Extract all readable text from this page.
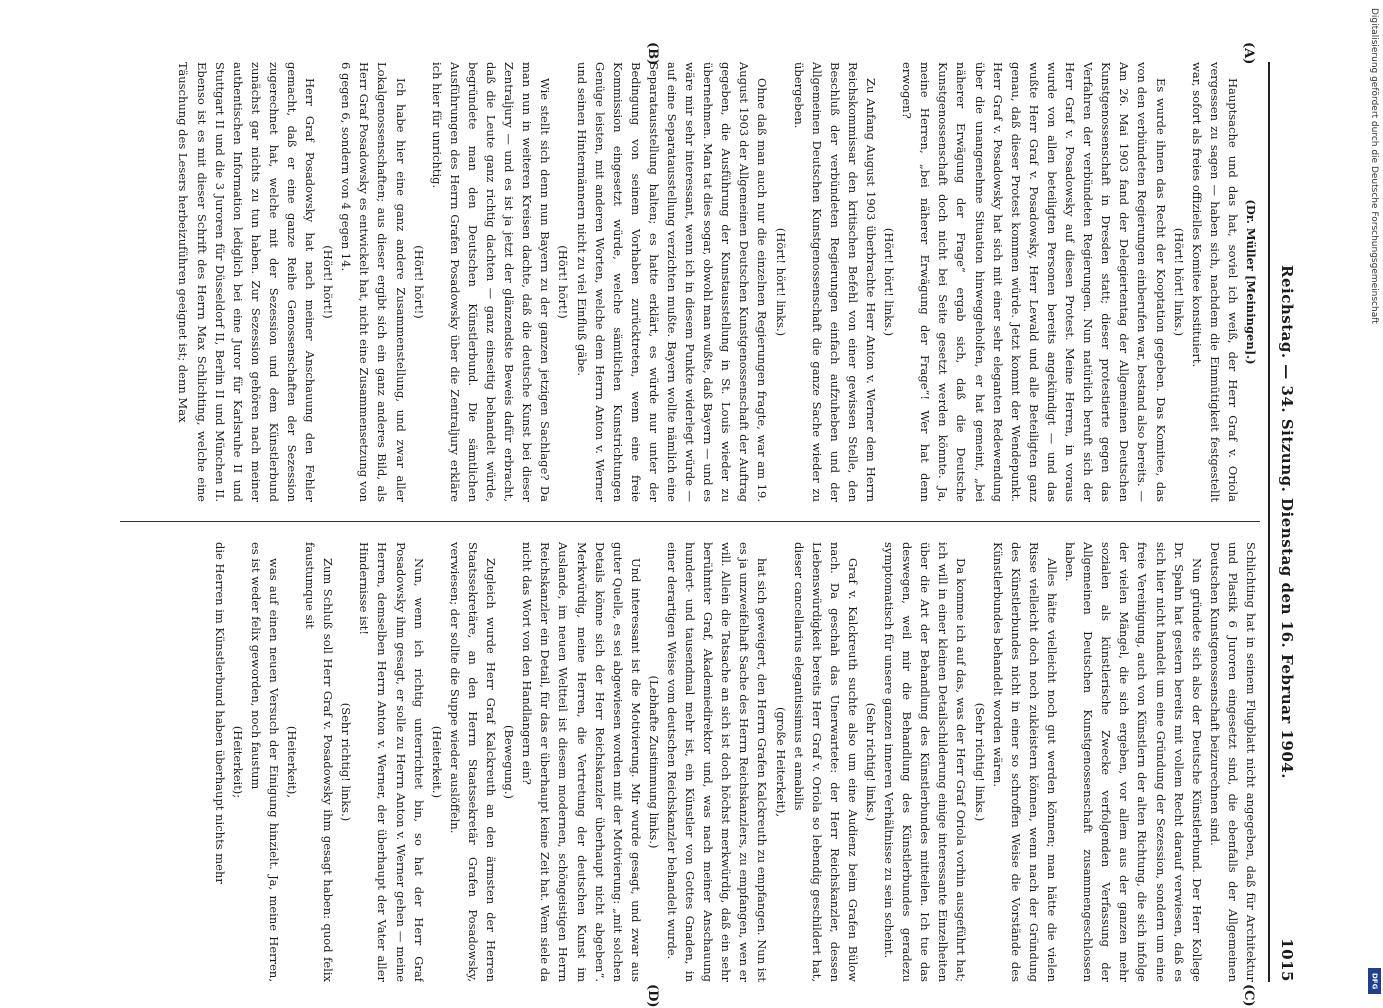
Reichstag. — 34. Sitzung. Dienstag den 16. Februar 1904.
1015
(A)
(B)
(C)
(D)

(Dr. Müller [Meiningen].)

Hauptsache und das hat, soviel ich weiß, der Herr Graf v. Oriola vergessen zu sagen — haben sich, nachdem die Einmütigkeit festgestellt war, sofort als freies offizielles Komitee konstituiert.

(Hört! hört! links.)

Es wurde ihnen das Recht der Kooptation gegeben. Das Komitee, das von den verbündeten Regierungen einberufen war, bestand also bereits. — Am 26. Mai 1903 fand der Delegiertentag der Allgemeinen Deutschen Kunstgenossenschaft in Dresden statt; dieser protestierte gegen das Verfahren der verbündeten Regierungen. Nun natürlich beruft sich der Herr Graf v. Posadowsky auf diesen Protest. Meine Herren, in voraus wurde von allen beteiligten Personen bereits angekündigt — und das wußte Herr Graf v. Posadowsky, Herr Lewald und alle Beteiligten ganz genau, daß dieser Protest kommen würde. Jetzt kommt der Wendepunkt. Herr Graf v. Posadowsky hat sich mit einer sehr eleganten Redewendung über die unangenehme Situation hinweggeholfen, er hat gemeint, „bei näherer Erwägung der Frage“ ergab sich, daß die Deutsche Kunstgenossenschaft doch nicht bei Seite gesetzt werden könnte. Ja, meine Herren, „bei näherer Erwägung der Frage“! Wer hat denn erwogen?

(Hört! hört! links.)

Zu Anfang August 1903 überbrachte Herr Anton v. Werner dem Herrn Reichskommissar den kritischen Befehl von einer gewissen Stelle, den Beschluß der verbündeten Regierungen einfach aufzuheben und der Allgemeinen Deutschen Kunstgenossenschaft die ganze Sache wieder zu übergeben.

(Hört! hört! links.)

Ohne daß man auch nur die einzelnen Regierungen fragte, war am 19. August 1903 der Allgemeinen Deutschen Kunstgenossenschaft der Auftrag gegeben, die Ausführung der Kunstausstellung in St. Louis wieder zu übernehmen. Man tat dies sogar, obwohl man wußte, daß Bayern — und es wäre mir sehr interessant, wenn ich in diesem Punkte widerlegt würde — auf eine Separatausstellung verzichten mußte. Bayern wollte nämlich eine Separatausstellung halten; es hatte erklärt, es würde nur unter der Bedingung von seinem Vorhaben zurücktreten, wenn eine freie Kommission eingesetzt würde, welche sämtlichen Kunstrichtungen Genüge leisten, mit anderen Worten, welche dem Herrn Anton v. Werner und seinen Hintermännern nicht zu viel Einfluß gäbe.

(Hört! hört!)

Wie stellt sich denn nun Bayern zu der ganzen jetzigen Sachlage? Da man nun in weiteren Kreisen dachte, daß die deutsche Kunst bei dieser Zentraljury — und es ist ja jetzt der glänzendste Beweis dafür erbracht, daß die Leute ganz richtig dachten — ganz einseitig behandelt würde, begründete man den Deutschen Künstlerbund. Die sämtlichen Ausführungen des Herrn Grafen Posadowsky über die Zentraljury erkläre ich hier für unrichtig.

(Hört! hört!)

Ich habe hier eine ganz andere Zusammenstellung, und zwar aller Lokalgenossenschaften; aus dieser ergibt sich ein ganz anderes Bild, als Herr Graf Posadowsky es entwickelt hat, nicht eine Zusammensetzung von 6 gegen 6, sondern von 4 gegen 14.

(Hört! hört!)

Herr Graf Posadowsky hat nach meiner Anschauung den Fehler gemacht, daß er eine ganze Reihe Genossenschaften der Sezession zugerechnet hat, welche mit der Sezession und dem Künstlerbund zunächst gar nichts zu tun haben. Zur Sezession gehören nach meiner authentischen Information lediglich bei eine Juror für Karlsruhe II und Stuttgart II und die 3 Juroren für Düsseldorf II, Berlin II und München II. Ebenso ist es mit dieser Schrift des Herrn Max Schlichting, welche eine Täuschung des Lesers herbeizuführen geeignet ist; denn Max

Schlichting hat in seinem Flugblatt nicht angegeben, daß für Architektur und Plastik 6 Juroren eingesetzt sind, die ebenfalls der Allgemeinen Deutschen Kunstgenossenschaft beizurechnen sind.

Nun gründete sich also der Deutsche Künstlerbund. Der Herr Kollege Dr. Spahn hat gestern bereits mit vollem Recht darauf verwiesen, daß es sich hier nicht handelt um eine Gründung der Sezession, sondern um eine freie Vereinigung, auch von Künstlern der alten Richtung, die sich infolge der vielen Mängel, die sich ergeben, vor allem aus der ganzen mehr sozialen als künstlerische Zwecke verfolgenden Verfassung der Allgemeinen Deutschen Kunstgenossenschaft zusammengeschlossen haben.

Alles hätte vielleicht noch gut werden können; man hätte die vielen Risse vielleicht doch noch zukleistern können, wenn nach der Gründung des Künstlerbundes nicht in einer so schroffen Weise die Vorstände des Künstlerbundes behandelt worden wären.

(Sehr richtig! links.)

Da komme ich auf das, was der Herr Graf Oriola vorhin ausgeführt hat; ich will in einer kleinen Detailschilderung einige interessante Einzelheiten über die Art der Behandlung des Künstlerbundes mitteilen. Ich tue das deswegen, weil mir die Behandlung des Künstlerbundes geradezu symptomatisch für unsere ganzen inneren Verhältnisse zu sein scheint.

(Sehr richtig! links.)

Graf v. Kalckreuth suchte also um eine Audienz beim Grafen Bülow nach. Da geschah das Unerwartete: der Herr Reichskanzler, dessen Liebenswürdigkeit bereits Herr Graf v. Oriola so lebendig geschildert hat, dieser cancellarius elegantissimus et amabilis

(große Heiterkeit),

hat sich geweigert, den Herrn Grafen Kalckreuth zu empfangen. Nun ist es ja unzweifelhaft Sache des Herrn Reichskanzlers, zu empfangen, wen er will. Allein die Tatsache an sich ist doch höchst merkwürdig, daß ein sehr berühmter Graf, Akademiedirektor und, was nach meiner Anschauung hundert- und tausendmal mehr ist, ein Künstler von Gottes Gnaden, in einer derartigen Weise vom deutschen Reichskanzler behandelt wurde.

(Lebhafte Zustimmung links.)

Und interessant ist die Motivierung. Mir wurde gesagt, und zwar aus guter Quelle, es sei abgewiesen worden mit der Motivierung: „mit solchen Details könne sich der Herr Reichskanzler überhaupt nicht abgeben“. Merkwürdig, meine Herren, die Vertretung der deutschen Kunst im Auslande, im neuen Weltteil ist diesem modernen, schöngeistigen Herrn Reichskanzler ein Detail, für das er überhaupt keine Zeit hat. Wem siele da nicht das Wort von den Handlangern ein?

(Bewegung.)

Zugleich wurde Herr Graf Kalckreuth an den ärmsten der Herren Staatssekretäre, an den Herrn Staatssekretär Grafen Posadowsky, verwiesen; der sollte die Suppe wieder auslöffeln.

(Heiterkeit.)

Nun, wenn ich richtig unterrichtet bin, so hat der Herr Graf Posadowsky ihm gesagt, er solle zu Herrn Anton v. Werner gehen — meine Herren, demselben Herrn Anton v. Werner, der überhaupt der Vater aller Hindernisse ist!

(Sehr richtig! links.)

Zum Schluß soll Herr Graf v. Posadowsky ihm gesagt haben: quod felix faustumque sit

(Heiterkeit),

was auf einen neuen Versuch der Einigung hinzielt. Ja, meine Herren, es ist weder felix geworden, noch faustum

(Heiterkeit);

die Herren im Künstlerbund haben überhaupt nichts mehr

Digitalisierung gefördert durch die Deutsche Forschungsgemeinschaft
DFG
